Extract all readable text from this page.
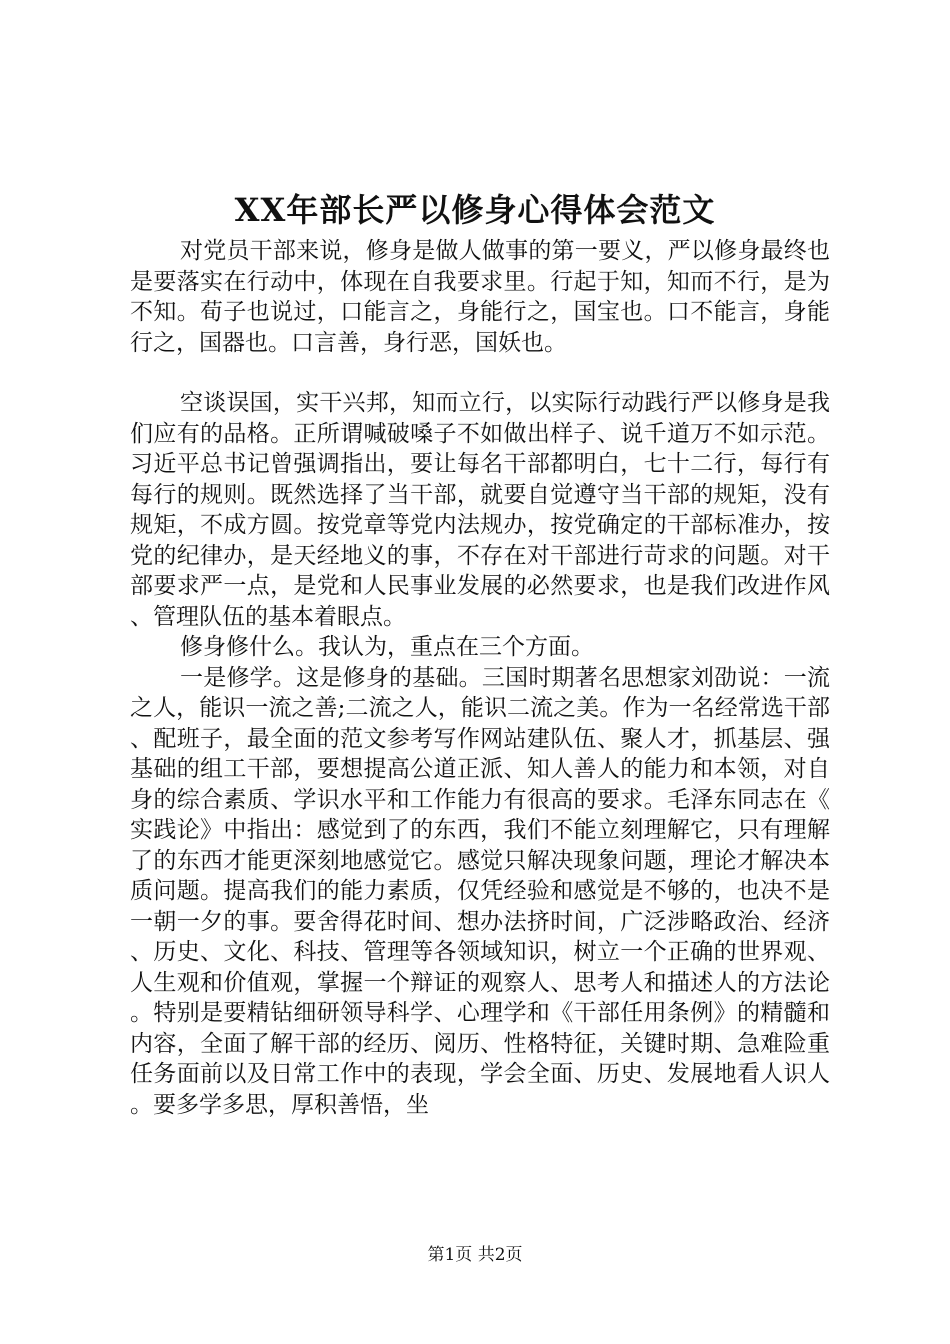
XX年部长严以修身心得体会范文

对党员干部来说，修身是做人做事的第一要义，严以修身最终也是要落实在行动中，体现在自我要求里。行起于知，知而不行，是为不知。荀子也说过，口能言之，身能行之，国宝也。口不能言，身能行之，国器也。口言善，身行恶，国妖也。

空谈误国，实干兴邦，知而立行，以实际行动践行严以修身是我们应有的品格。正所谓喊破嗓子不如做出样子、说千道万不如示范。习近平总书记曾强调指出，要让每名干部都明白，七十二行，每行有每行的规则。既然选择了当干部，就要自觉遵守当干部的规矩，没有规矩，不成方圆。按党章等党内法规办，按党确定的干部标准办，按党的纪律办，是天经地义的事，不存在对干部进行苛求的问题。对干部要求严一点，是党和人民事业发展的必然要求，也是我们改进作风、管理队伍的基本着眼点。

修身修什么。我认为，重点在三个方面。

一是修学。这是修身的基础。三国时期著名思想家刘劭说：一流之人，能识一流之善;二流之人，能识二流之美。作为一名经常选干部、配班子，最全面的范文参考写作网站建队伍、聚人才，抓基层、强基础的组工干部，要想提高公道正派、知人善人的能力和本领，对自身的综合素质、学识水平和工作能力有很高的要求。毛泽东同志在《实践论》中指出：感觉到了的东西，我们不能立刻理解它，只有理解了的东西才能更深刻地感觉它。感觉只解决现象问题，理论才解决本质问题。提高我们的能力素质，仅凭经验和感觉是不够的，也决不是一朝一夕的事。要舍得花时间、想办法挤时间，广泛涉略政治、经济、历史、文化、科技、管理等各领域知识，树立一个正确的世界观、人生观和价值观，掌握一个辩证的观察人、思考人和描述人的方法论。特别是要精钻细研领导科学、心理学和《干部任用条例》的精髓和内容，全面了解干部的经历、阅历、性格特征，关键时期、急难险重任务面前以及日常工作中的表现，学会全面、历史、发展地看人识人。要多学多思，厚积善悟，坐

第1页 共2页
